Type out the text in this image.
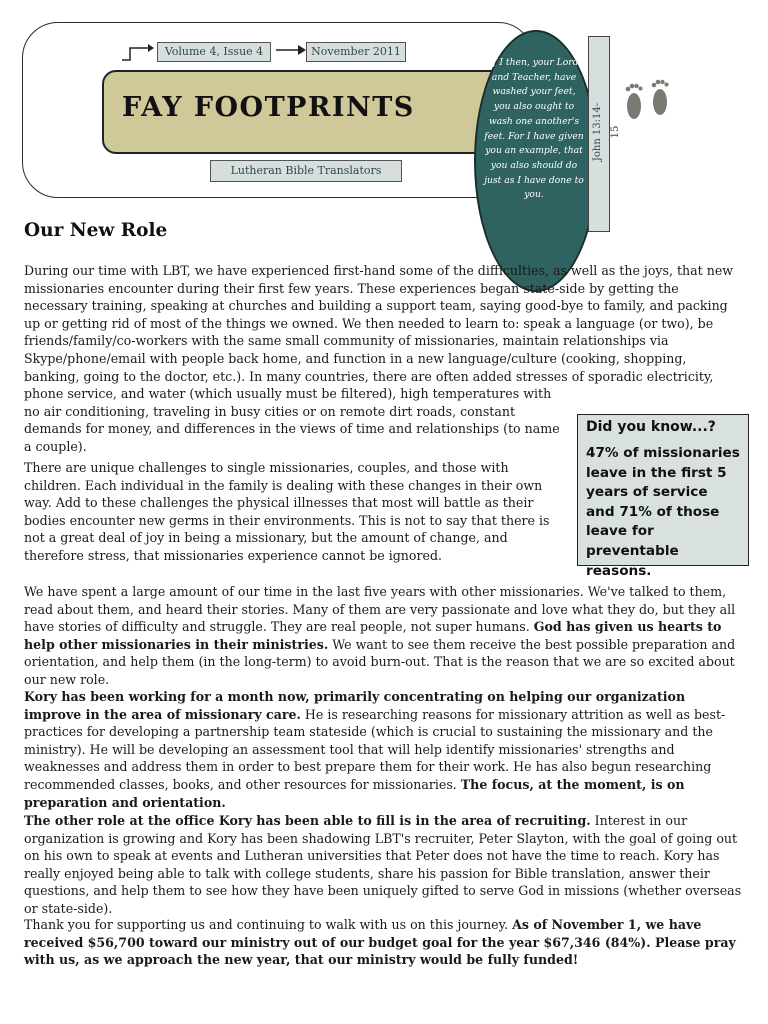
Volume 4, Issue 4	November 2011
FAY FOOTPRINTS
Lutheran Bible Translators
If I then, your Lord and Teacher, have washed your feet, you also ought to wash one another's feet. For I have given you an example, that you also should do just as I have done to you.
John 13:14-15
Our New Role

During our time with LBT, we have experienced first-hand some of the difficulties, as well as the joys, that new missionaries encounter during their first few years. These experiences began state-side by getting the necessary training, speaking at churches and building a support team, saying good-bye to family, and packing up or getting rid of most of the things we owned. We then needed to learn to: speak a language (or two), be friends/family/co-workers with the same small community of missionaries, maintain relationships via Skype/phone/email with people back home, and function in a new language/culture (cooking, shopping, banking, going to the doctor, etc.). In many countries, there are often added stresses of sporadic electricity, phone service, and water (which usually must be filtered), high temperatures with no air conditioning, traveling in busy cities or on remote dirt roads, constant demands for money, and differences in the views of time and relationships (to name a couple).

Did you know...?
47% of missionaries leave in the first 5 years of service and 71% of those leave for preventable reasons.

There are unique challenges to single missionaries, couples, and those with children. Each individual in the family is dealing with these changes in their own way. Add to these challenges the physical illnesses that most will battle as their bodies encounter new germs in their environments. This is not to say that there is not a great deal of joy in being a missionary, but the amount of change, and therefore stress, that missionaries experience cannot be ignored.

We have spent a large amount of our time in the last five years with other missionaries. We've talked to them, read about them, and heard their stories. Many of them are very passionate and love what they do, but they all have stories of difficulty and struggle. They are real people, not super humans. God has given us hearts to help other missionaries in their ministries. We want to see them receive the best possible preparation and orientation, and help them (in the long-term) to avoid burn-out. That is the reason that we are so excited about our new role.

Kory has been working for a month now, primarily concentrating on helping our organization improve in the area of missionary care. He is researching reasons for missionary attrition as well as best-practices for developing a partnership team stateside (which is crucial to sustaining the missionary and the ministry). He will be developing an assessment tool that will help identify missionaries' strengths and weaknesses and address them in order to best prepare them for their work. He has also begun researching recommended classes, books, and other resources for missionaries. The focus, at the moment, is on preparation and orientation.

The other role at the office Kory has been able to fill is in the area of recruiting. Interest in our organization is growing and Kory has been shadowing LBT's recruiter, Peter Slayton, with the goal of going out on his own to speak at events and Lutheran universities that Peter does not have the time to reach. Kory has really enjoyed being able to talk with college students, share his passion for Bible translation, answer their questions, and help them to see how they have been uniquely gifted to serve God in missions (whether overseas or state-side).

Thank you for supporting us and continuing to walk with us on this journey. As of November 1, we have received $56,700 toward our ministry out of our budget goal for the year $67,346 (84%). Please pray with us, as we approach the new year, that our ministry would be fully funded!
